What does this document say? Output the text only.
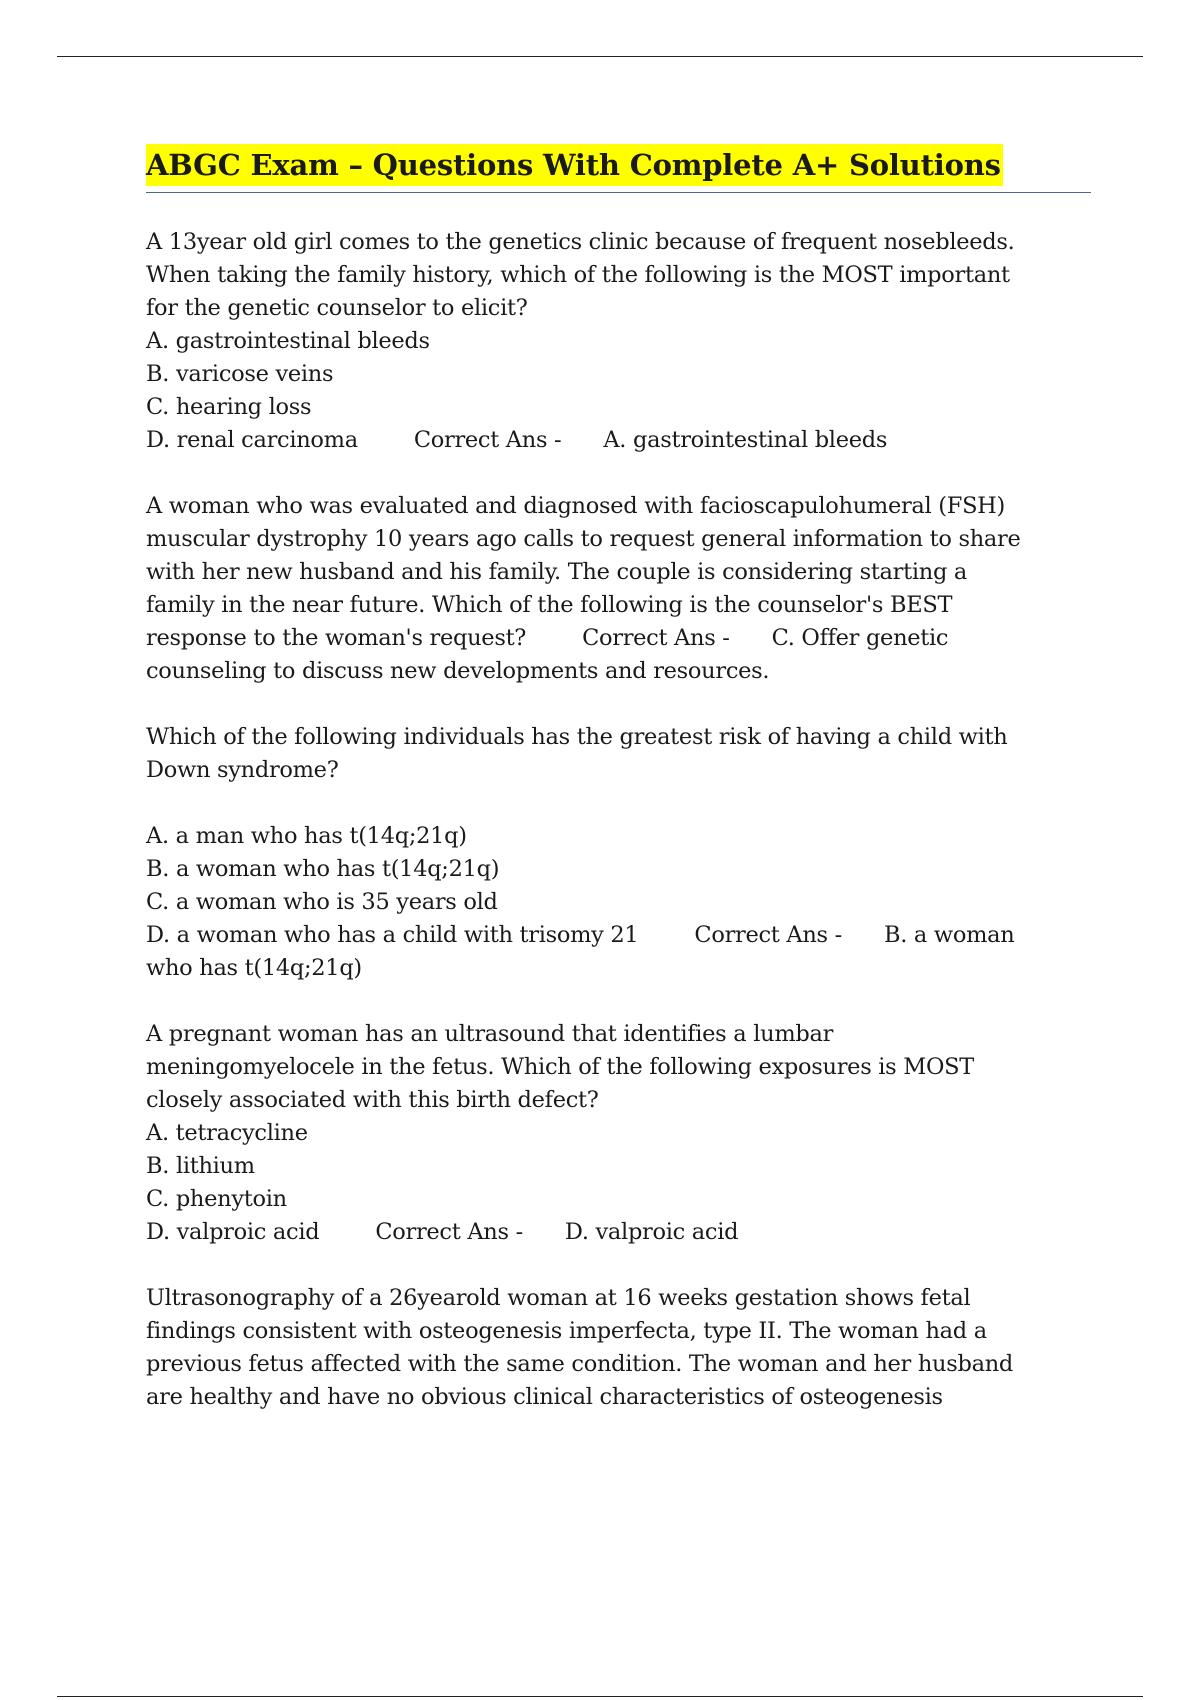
ABGC Exam – Questions With Complete A+ Solutions
A 13year old girl comes to the genetics clinic because of frequent nosebleeds.
When taking the family history, which of the following is the MOST important
for the genetic counselor to elicit?
A. gastrointestinal bleeds
B. varicose veins
C. hearing loss
D. renal carcinoma Correct Ans - A. gastrointestinal bleeds
A woman who was evaluated and diagnosed with facioscapulohumeral (FSH)
muscular dystrophy 10 years ago calls to request general information to share
with her new husband and his family. The couple is considering starting a
family in the near future. Which of the following is the counselor's BEST
response to the woman's request? Correct Ans - C. Offer genetic
counseling to discuss new developments and resources.
Which of the following individuals has the greatest risk of having a child with
Down syndrome?
A. a man who has t(14q;21q)
B. a woman who has t(14q;21q)
C. a woman who is 35 years old
D. a woman who has a child with trisomy 21 Correct Ans - B. a woman
who has t(14q;21q)
A pregnant woman has an ultrasound that identifies a lumbar
meningomyelocele in the fetus. Which of the following exposures is MOST
closely associated with this birth defect?
A. tetracycline
B. lithium
C. phenytoin
D. valproic acid Correct Ans - D. valproic acid
Ultrasonography of a 26yearold woman at 16 weeks gestation shows fetal
findings consistent with osteogenesis imperfecta, type II. The woman had a
previous fetus affected with the same condition. The woman and her husband
are healthy and have no obvious clinical characteristics of osteogenesis
